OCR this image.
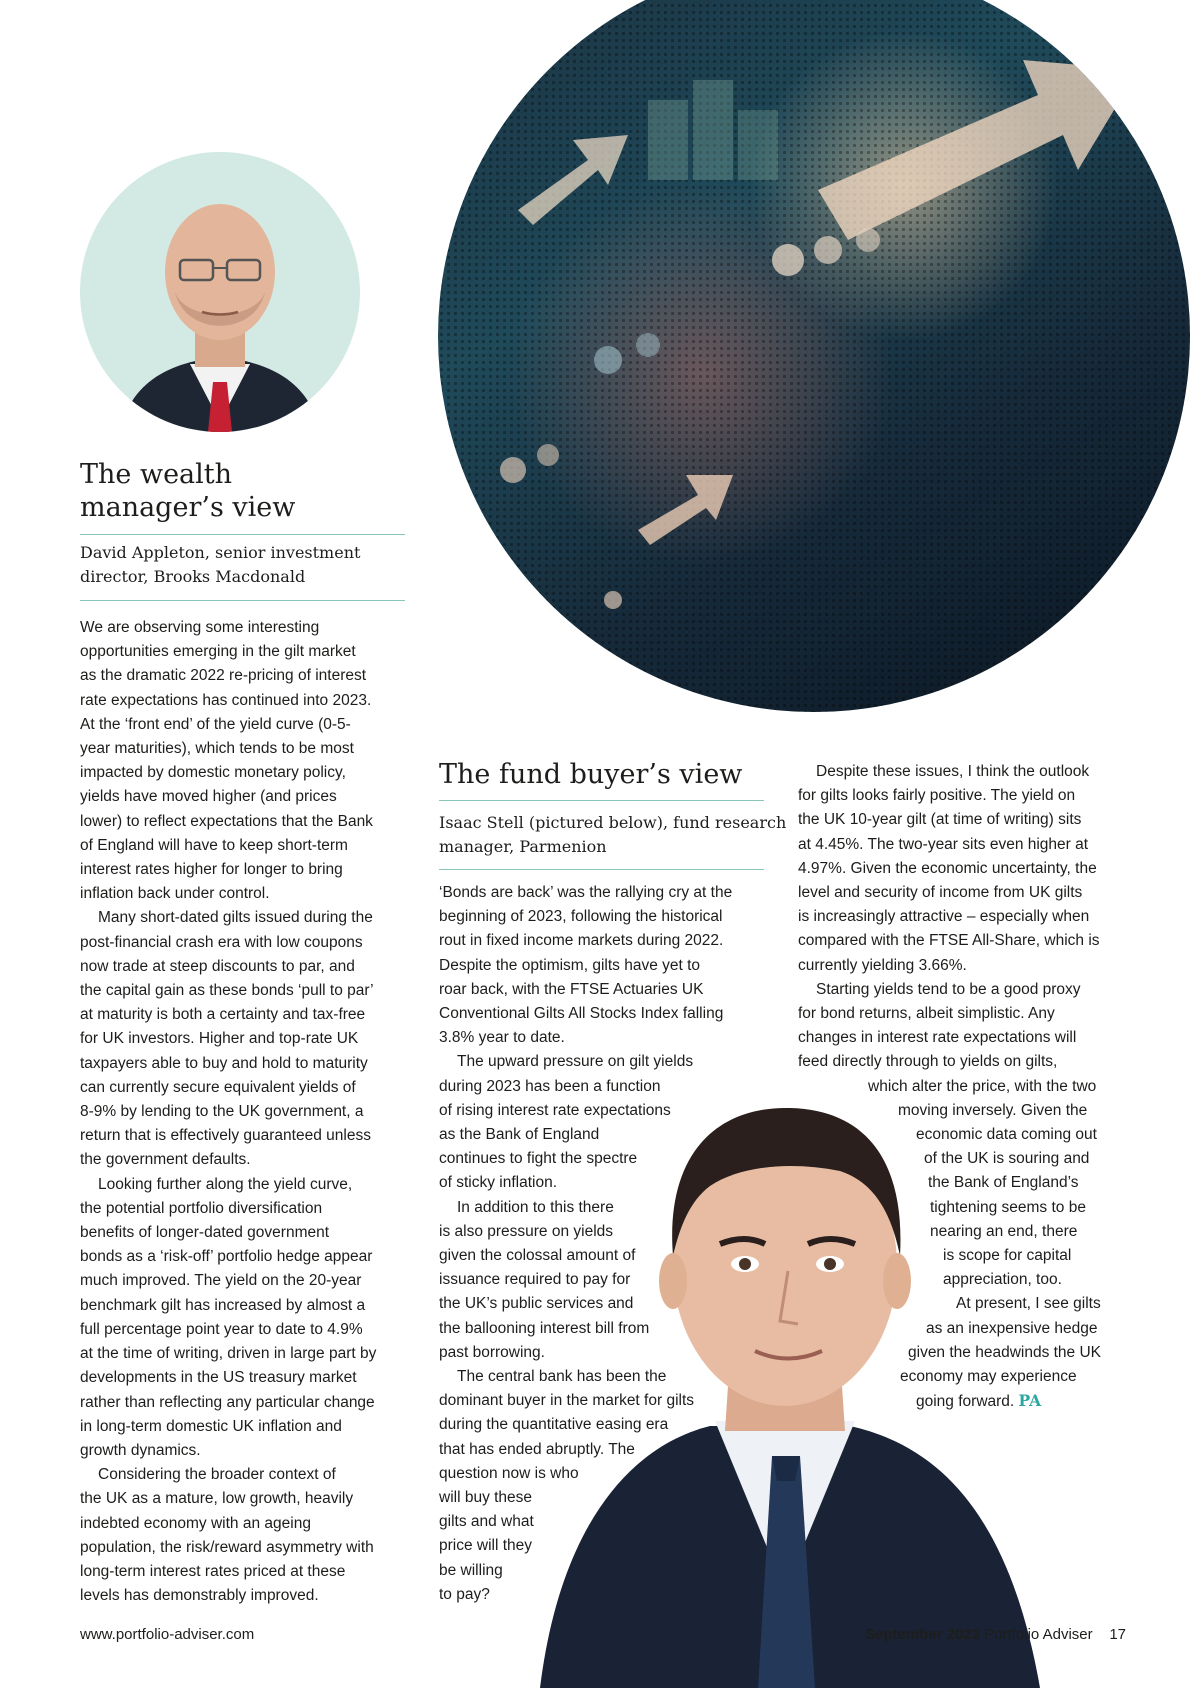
The wealth
manager’s view
David Appleton, senior investment
director, Brooks Macdonald
We are observing some interesting
opportunities emerging in the gilt market
as the dramatic 2022 re-pricing of interest
rate expectations has continued into 2023.
At the ‘front end’ of the yield curve (0-5-
year maturities), which tends to be most
impacted by domestic monetary policy,
yields have moved higher (and prices
lower) to reflect expectations that the Bank
of England will have to keep short-term
interest rates higher for longer to bring
inflation back under control.
Many short-dated gilts issued during the
post-financial crash era with low coupons
now trade at steep discounts to par, and
the capital gain as these bonds ‘pull to par’
at maturity is both a certainty and tax-free
for UK investors. Higher and top-rate UK
taxpayers able to buy and hold to maturity
can currently secure equivalent yields of
8-9% by lending to the UK government, a
return that is effectively guaranteed unless
the government defaults.
Looking further along the yield curve,
the potential portfolio diversification
benefits of longer-dated government
bonds as a ‘risk-off’ portfolio hedge appear
much improved. The yield on the 20-year
benchmark gilt has increased by almost a
full percentage point year to date to 4.9%
at the time of writing, driven in large part by
developments in the US treasury market
rather than reflecting any particular change
in long-term domestic UK inflation and
growth dynamics.
Considering the broader context of
the UK as a mature, low growth, heavily
indebted economy with an ageing
population, the risk/reward asymmetry with
long-term interest rates priced at these
levels has demonstrably improved.
The fund buyer’s view
Isaac Stell (pictured below), fund research
manager, Parmenion
‘Bonds are back’ was the rallying cry at the
beginning of 2023, following the historical
rout in fixed income markets during 2022.
Despite the optimism, gilts have yet to
roar back, with the FTSE Actuaries UK
Conventional Gilts All Stocks Index falling
3.8% year to date.
The upward pressure on gilt yields
during 2023 has been a function
of rising interest rate expectations
as the Bank of England
continues to fight the spectre
of sticky inflation.
In addition to this there
is also pressure on yields
given the colossal amount of
issuance required to pay for
the UK’s public services and
the ballooning interest bill from
past borrowing.
The central bank has been the
dominant buyer in the market for gilts
during the quantitative easing era
that has ended abruptly. The
question now is who
will buy these
gilts and what
price will they
be willing
to pay?
Despite these issues, I think the outlook
for gilts looks fairly positive. The yield on
the UK 10-year gilt (at time of writing) sits
at 4.45%. The two-year sits even higher at
4.97%. Given the economic uncertainty, the
level and security of income from UK gilts
is increasingly attractive – especially when
compared with the FTSE All-Share, which is
currently yielding 3.66%.
Starting yields tend to be a good proxy
for bond returns, albeit simplistic. Any
changes in interest rate expectations will
feed directly through to yields on gilts,
which alter the price, with the two
moving inversely. Given the
economic data coming out
of the UK is souring and
the Bank of England’s
tightening seems to be
nearing an end, there
is scope for capital
appreciation, too.
At present, I see gilts
as an inexpensive hedge
given the headwinds the UK
economy may experience
going forward. PA
www.portfolio-adviser.com	September 2023 Portfolio Adviser 17
